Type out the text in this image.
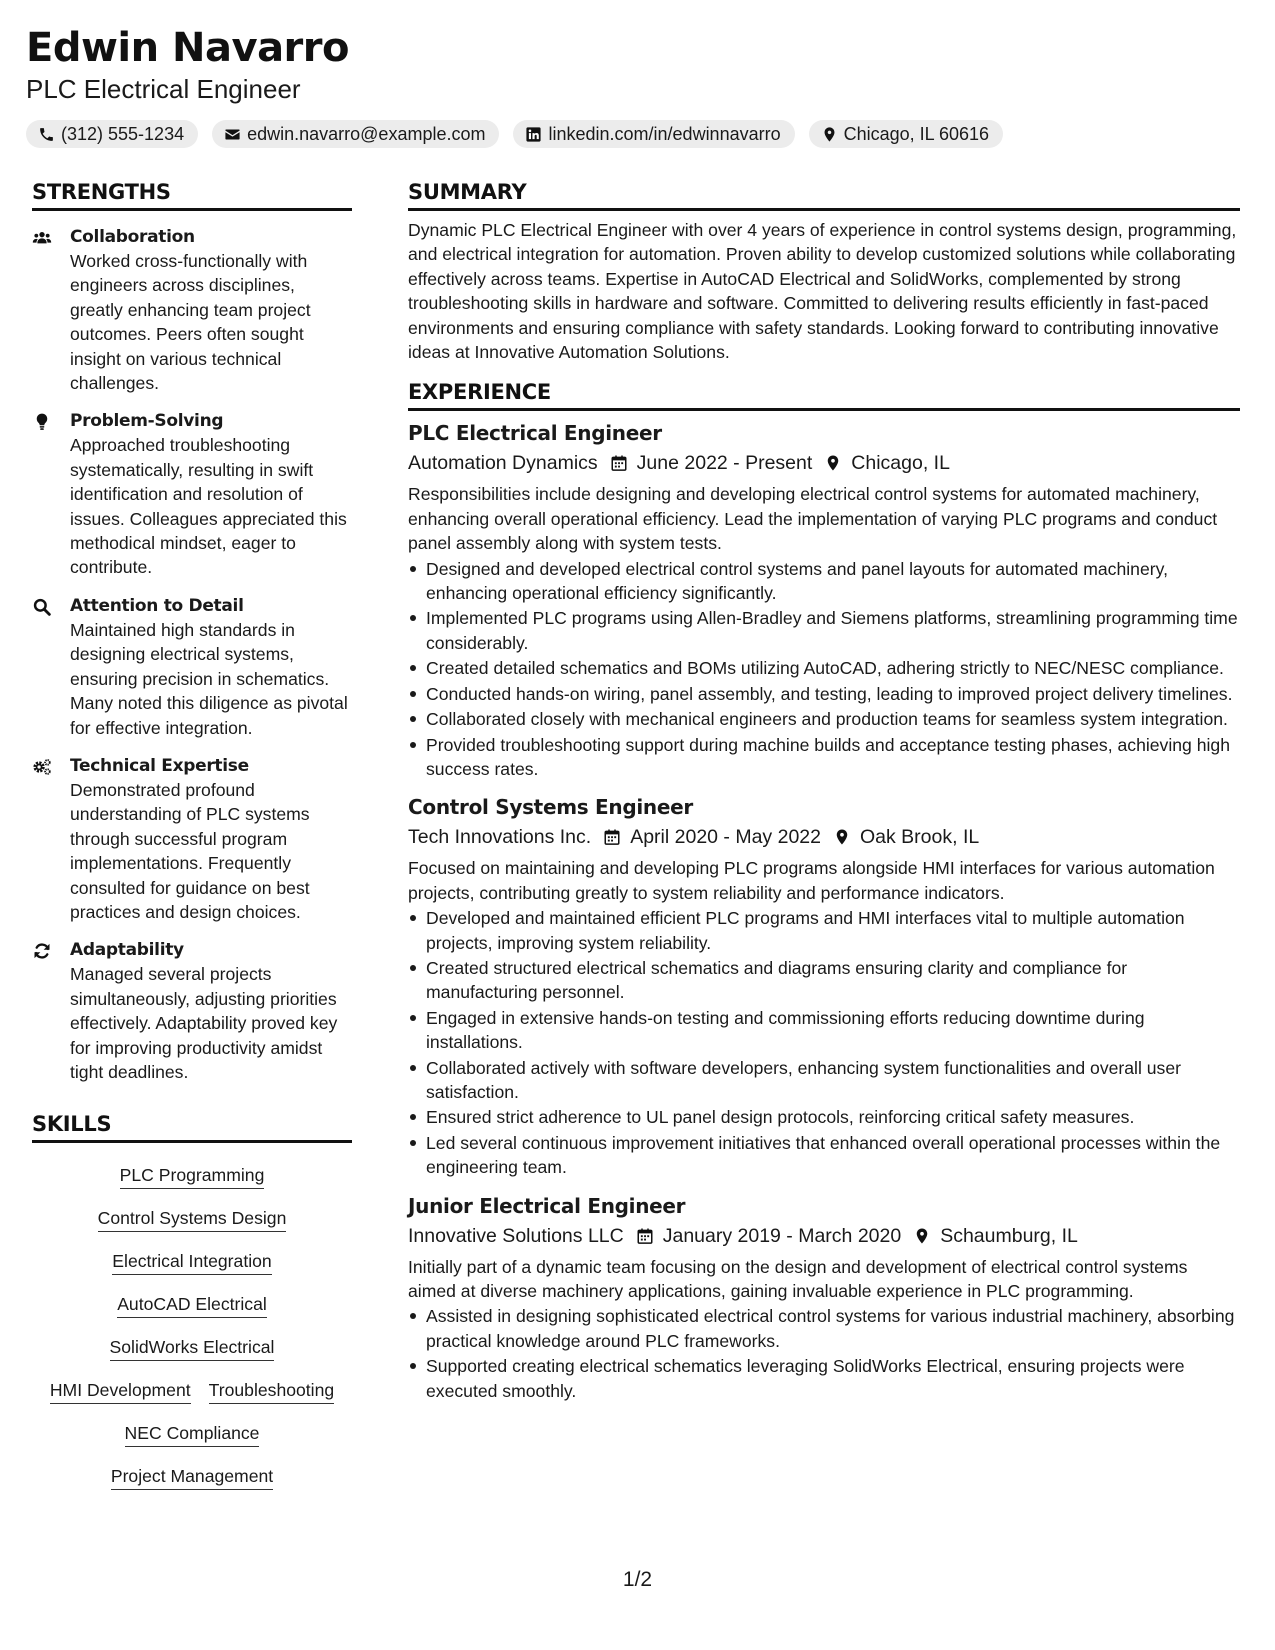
Edwin Navarro
PLC Electrical Engineer
(312) 555-1234	edwin.navarro@example.com	linkedin.com/in/edwinnavarro	Chicago, IL 60616
STRENGTHS
Collaboration
Worked cross-functionally with engineers across disciplines, greatly enhancing team project outcomes. Peers often sought insight on various technical challenges.
Problem-Solving
Approached troubleshooting systematically, resulting in swift identification and resolution of issues. Colleagues appreciated this methodical mindset, eager to contribute.
Attention to Detail
Maintained high standards in designing electrical systems, ensuring precision in schematics. Many noted this diligence as pivotal for effective integration.
Technical Expertise
Demonstrated profound understanding of PLC systems through successful program implementations. Frequently consulted for guidance on best practices and design choices.
Adaptability
Managed several projects simultaneously, adjusting priorities effectively. Adaptability proved key for improving productivity amidst tight deadlines.
SKILLS
PLC Programming
Control Systems Design
Electrical Integration
AutoCAD Electrical
SolidWorks Electrical
HMI Development Troubleshooting
NEC Compliance
Project Management
SUMMARY
Dynamic PLC Electrical Engineer with over 4 years of experience in control systems design, programming, and electrical integration for automation. Proven ability to develop customized solutions while collaborating effectively across teams. Expertise in AutoCAD Electrical and SolidWorks, complemented by strong troubleshooting skills in hardware and software. Committed to delivering results efficiently in fast-paced environments and ensuring compliance with safety standards. Looking forward to contributing innovative ideas at Innovative Automation Solutions.
EXPERIENCE
PLC Electrical Engineer
Automation Dynamics June 2022 - Present Chicago, IL
Responsibilities include designing and developing electrical control systems for automated machinery, enhancing overall operational efficiency. Lead the implementation of varying PLC programs and conduct panel assembly along with system tests.
Designed and developed electrical control systems and panel layouts for automated machinery, enhancing operational efficiency significantly.
Implemented PLC programs using Allen-Bradley and Siemens platforms, streamlining programming time considerably.
Created detailed schematics and BOMs utilizing AutoCAD, adhering strictly to NEC/NESC compliance.
Conducted hands-on wiring, panel assembly, and testing, leading to improved project delivery timelines.
Collaborated closely with mechanical engineers and production teams for seamless system integration.
Provided troubleshooting support during machine builds and acceptance testing phases, achieving high success rates.
Control Systems Engineer
Tech Innovations Inc. April 2020 - May 2022 Oak Brook, IL
Focused on maintaining and developing PLC programs alongside HMI interfaces for various automation projects, contributing greatly to system reliability and performance indicators.
Developed and maintained efficient PLC programs and HMI interfaces vital to multiple automation projects, improving system reliability.
Created structured electrical schematics and diagrams ensuring clarity and compliance for manufacturing personnel.
Engaged in extensive hands-on testing and commissioning efforts reducing downtime during installations.
Collaborated actively with software developers, enhancing system functionalities and overall user satisfaction.
Ensured strict adherence to UL panel design protocols, reinforcing critical safety measures.
Led several continuous improvement initiatives that enhanced overall operational processes within the engineering team.
Junior Electrical Engineer
Innovative Solutions LLC January 2019 - March 2020 Schaumburg, IL
Initially part of a dynamic team focusing on the design and development of electrical control systems aimed at diverse machinery applications, gaining invaluable experience in PLC programming.
Assisted in designing sophisticated electrical control systems for various industrial machinery, absorbing practical knowledge around PLC frameworks.
Supported creating electrical schematics leveraging SolidWorks Electrical, ensuring projects were executed smoothly.
1/2
